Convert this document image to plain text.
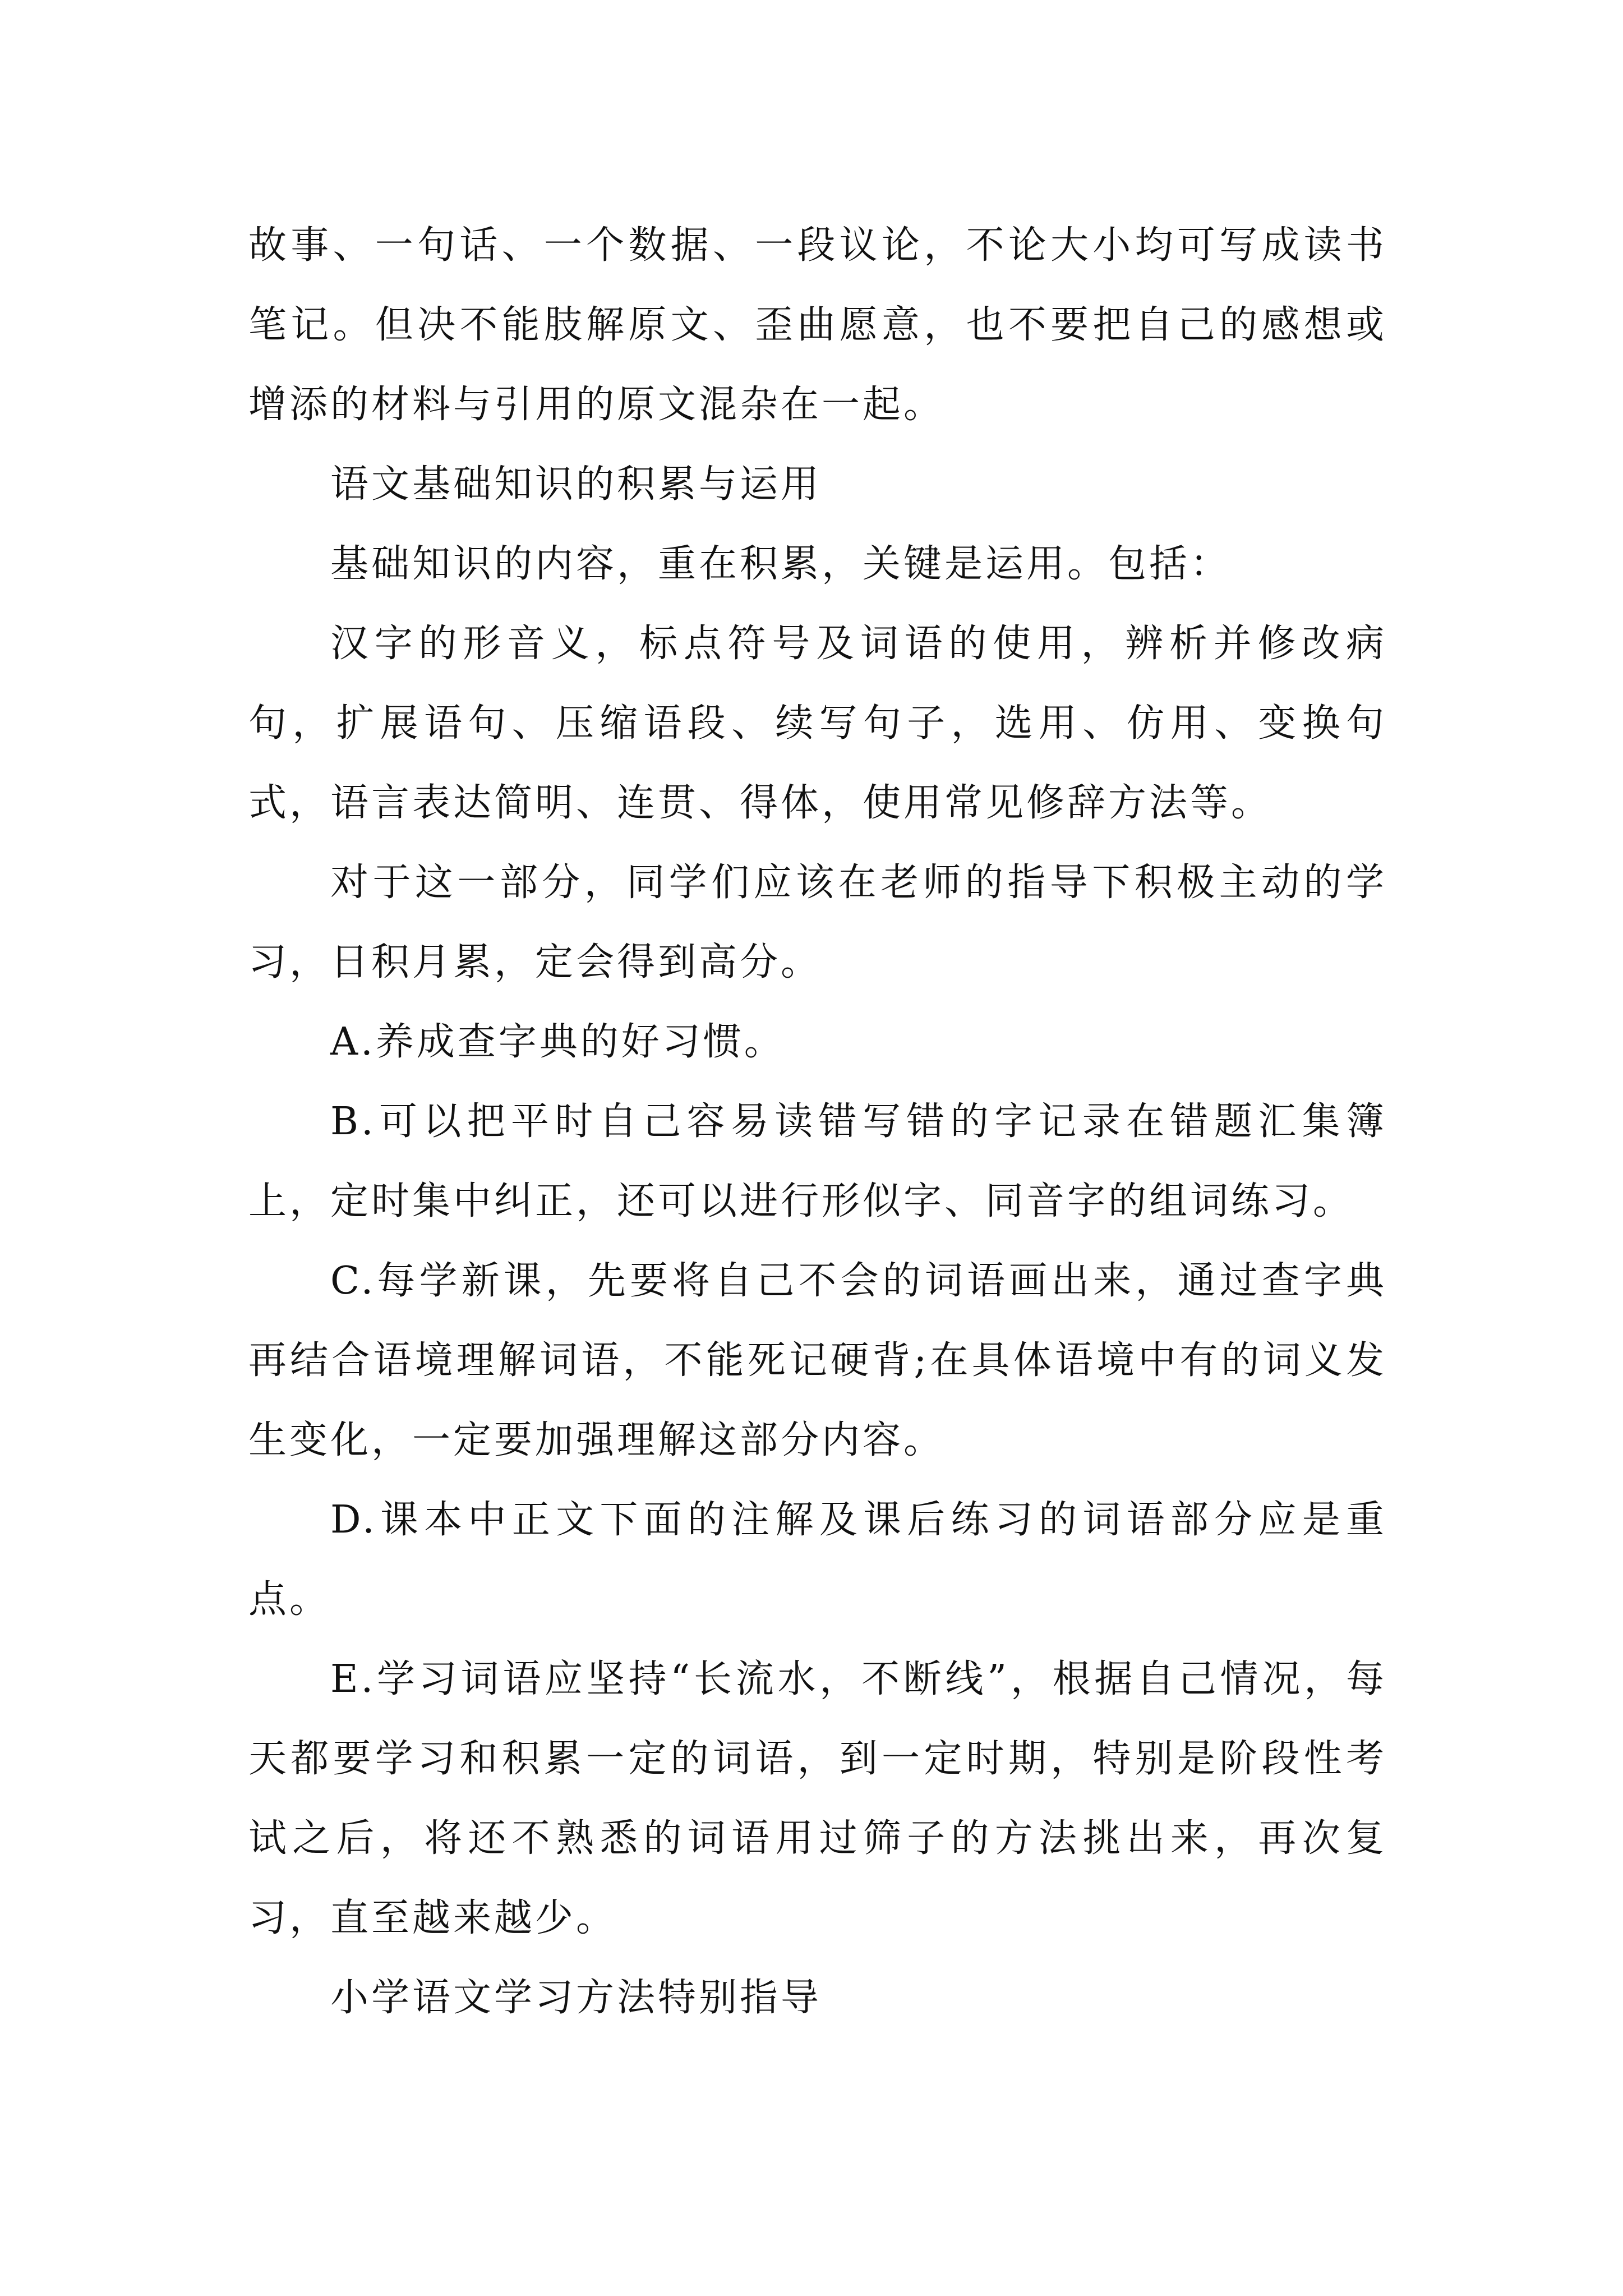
故事、一句话、一个数据、一段议论，不论大小均可写成读书笔记。但决不能肢解原文、歪曲愿意，也不要把自己的感想或增添的材料与引用的原文混杂在一起。

语文基础知识的积累与运用

基础知识的内容，重在积累，关键是运用。包括：

汉字的形音义，标点符号及词语的使用，辨析并修改病句，扩展语句、压缩语段、续写句子，选用、仿用、变换句式，语言表达简明、连贯、得体，使用常见修辞方法等。

对于这一部分，同学们应该在老师的指导下积极主动的学习，日积月累，定会得到高分。

A.养成查字典的好习惯。

B.可以把平时自己容易读错写错的字记录在错题汇集簿上，定时集中纠正，还可以进行形似字、同音字的组词练习。

C.每学新课，先要将自己不会的词语画出来，通过查字典再结合语境理解词语，不能死记硬背;在具体语境中有的词义发生变化，一定要加强理解这部分内容。

D.课本中正文下面的注解及课后练习的词语部分应是重点。

E.学习词语应坚持“长流水，不断线”，根据自己情况，每天都要学习和积累一定的词语，到一定时期，特别是阶段性考试之后，将还不熟悉的词语用过筛子的方法挑出来，再次复习，直至越来越少。

小学语文学习方法特别指导
